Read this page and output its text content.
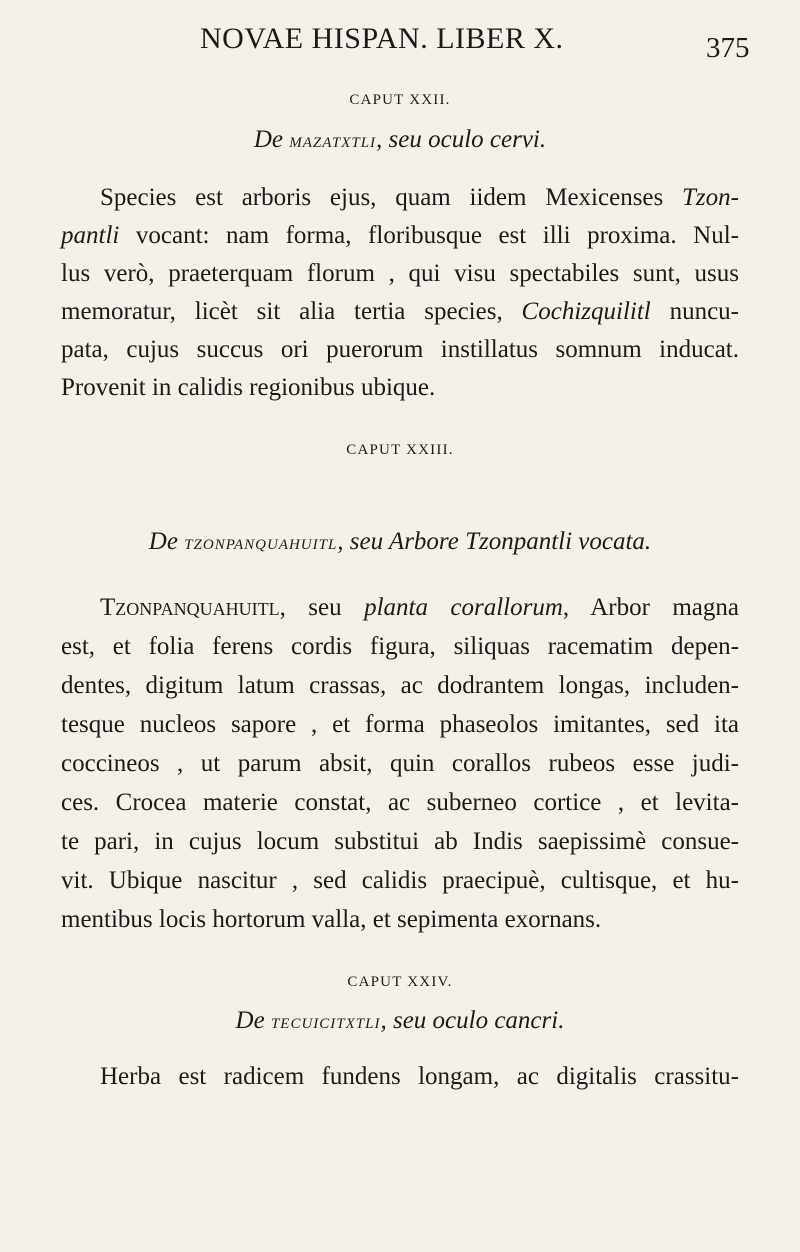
NOVAE HISPAN. LIBER X.	375
CAPUT XXII.
De mazatxtli, seu oculo cervi.
Species est arboris ejus, quam iidem Mexicenses Tzon-
pantli vocant: nam forma, floribusque est illi proxima. Nul-
lus verò, praeterquam florum , qui visu spectabiles sunt, usus
memoratur, licèt sit alia tertia species, Cochizquilitl nuncu-
pata, cujus succus ori puerorum instillatus somnum inducat.
Provenit in calidis regionibus ubique.
CAPUT XXIII.
De tzonpanquahuitl, seu Arbore Tzonpantli vocata.
Tzonpanquahuitl, seu planta corallorum, Arbor magna
est, et folia ferens cordis figura, siliquas racematim depen-
dentes, digitum latum crassas, ac dodrantem longas, includen-
tesque nucleos sapore , et forma phaseolos imitantes, sed ita
coccineos , ut parum absit, quin corallos rubeos esse judi-
ces. Crocea materie constat, ac suberneo cortice , et levita-
te pari, in cujus locum substitui ab Indis saepissimè consue-
vit. Ubique nascitur , sed calidis praecipuè, cultisque, et hu-
mentibus locis hortorum valla, et sepimenta exornans.
CAPUT XXIV.
De tecuicitxtli, seu oculo cancri.
Herba est radicem fundens longam, ac digitalis crassitu-
